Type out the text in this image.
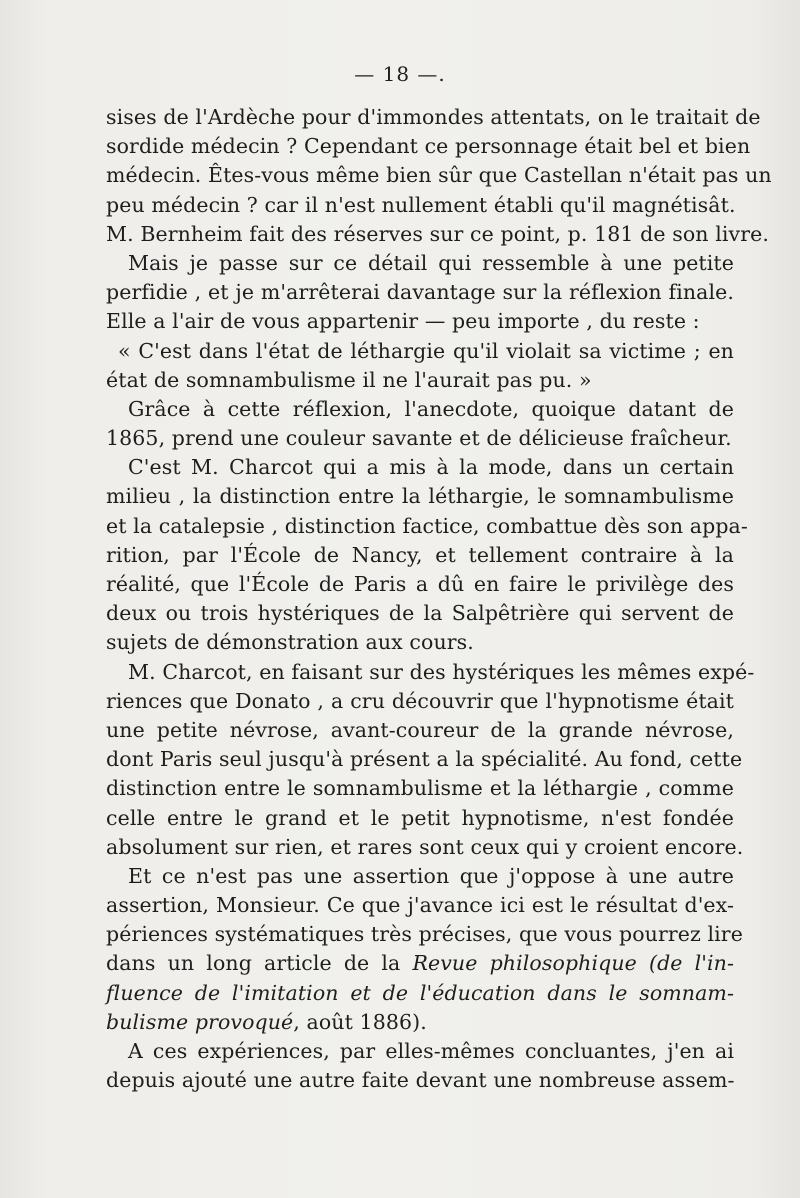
— 18 —.
sises de l'Ardèche pour d'immondes attentats, on le traitait de
sordide médecin ? Cependant ce personnage était bel et bien
médecin. Êtes-vous même bien sûr que Castellan n'était pas un
peu médecin ? car il n'est nullement établi qu'il magnétisât.
M. Bernheim fait des réserves sur ce point, p. 181 de son livre.
Mais je passe sur ce détail qui ressemble à une petite
perfidie , et je m'arrêterai davantage sur la réflexion finale.
Elle a l'air de vous appartenir — peu importe , du reste :
« C'est dans l'état de léthargie qu'il violait sa victime ; en
état de somnambulisme il ne l'aurait pas pu. »
Grâce à cette réflexion, l'anecdote, quoique datant de
1865, prend une couleur savante et de délicieuse fraîcheur.
C'est M. Charcot qui a mis à la mode, dans un certain
milieu , la distinction entre la léthargie, le somnambulisme
et la catalepsie , distinction factice, combattue dès son appa-
rition, par l'École de Nancy, et tellement contraire à la
réalité, que l'École de Paris a dû en faire le privilège des
deux ou trois hystériques de la Salpêtrière qui servent de
sujets de démonstration aux cours.
M. Charcot, en faisant sur des hystériques les mêmes expé-
riences que Donato , a cru découvrir que l'hypnotisme était
une petite névrose, avant-coureur de la grande névrose,
dont Paris seul jusqu'à présent a la spécialité. Au fond, cette
distinction entre le somnambulisme et la léthargie , comme
celle entre le grand et le petit hypnotisme, n'est fondée
absolument sur rien, et rares sont ceux qui y croient encore.
Et ce n'est pas une assertion que j'oppose à une autre
assertion, Monsieur. Ce que j'avance ici est le résultat d'ex-
périences systématiques très précises, que vous pourrez lire
dans un long article de la Revue philosophique (de l'in-
fluence de l'imitation et de l'éducation dans le somnam-
bulisme provoqué, août 1886).
A ces expériences, par elles-mêmes concluantes, j'en ai
depuis ajouté une autre faite devant une nombreuse assem-
